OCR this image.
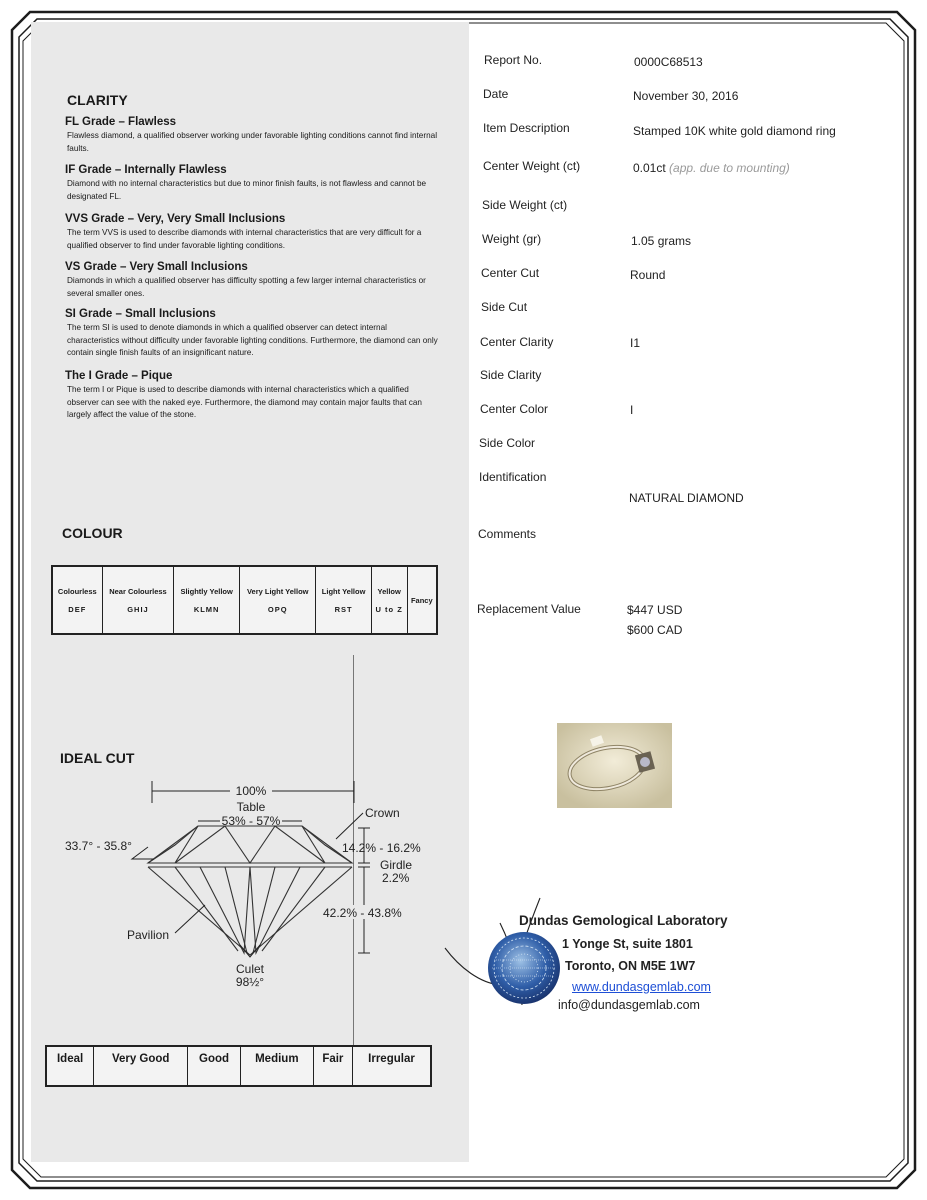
CLARITY
FL Grade – Flawless
Flawless diamond, a qualified observer working under favorable lighting conditions cannot find internal faults.
IF Grade – Internally Flawless
Diamond with no internal characteristics but due to minor finish faults, is not flawless and cannot be designated FL.
VVS Grade – Very, Very Small Inclusions
The term VVS is used to describe diamonds with internal characteristics that are very difficult for a qualified observer to find under favorable lighting conditions.
VS Grade – Very Small Inclusions
Diamonds in which a qualified observer has difficulty spotting a few larger internal characteristics or several smaller ones.
SI Grade – Small Inclusions
The term SI is used to denote diamonds in which a qualified observer can detect internal characteristics without difficulty under favorable lighting conditions. Furthermore, the diamond can only contain single finish faults of an insignificant nature.
The I Grade – Pique
The term I or Pique is used to describe diamonds with internal characteristics which a qualified observer can see with the naked eye. Furthermore, the diamond may contain major faults that can largely affect the value of the stone.
COLOUR
Colourless
DEF

Near Colourless
GHIJ

Slightly Yellow
KLMN

Very Light Yellow
OPQ

Light Yellow
RST

Yellow
U to Z

Fancy
IDEAL CUT
100%
Table
53% - 57%
Crown
33.7° - 35.8°	14.2% - 16.2%
Girdle
2.2%
42.2% - 43.8%
Pavilion
Culet
98½°
Ideal	Very Good	Good	Medium	Fair	Irregular
Report No.	0000C68513
Date	November 30, 2016
Item Description	Stamped 10K white gold diamond ring
Center Weight (ct)	0.01ct (app. due to mounting)
Side Weight (ct)
Weight (gr)	1.05 grams
Center Cut	Round
Side Cut
Center Clarity	I1
Side Clarity
Center Color	I
Side Color
Identification
NATURAL DIAMOND
Comments
Replacement Value	$447 USD
$600 CAD
Dundas Gemological Laboratory
1 Yonge St, suite 1801
Toronto, ON M5E 1W7
www.dundasgemlab.com
info@dundasgemlab.com
